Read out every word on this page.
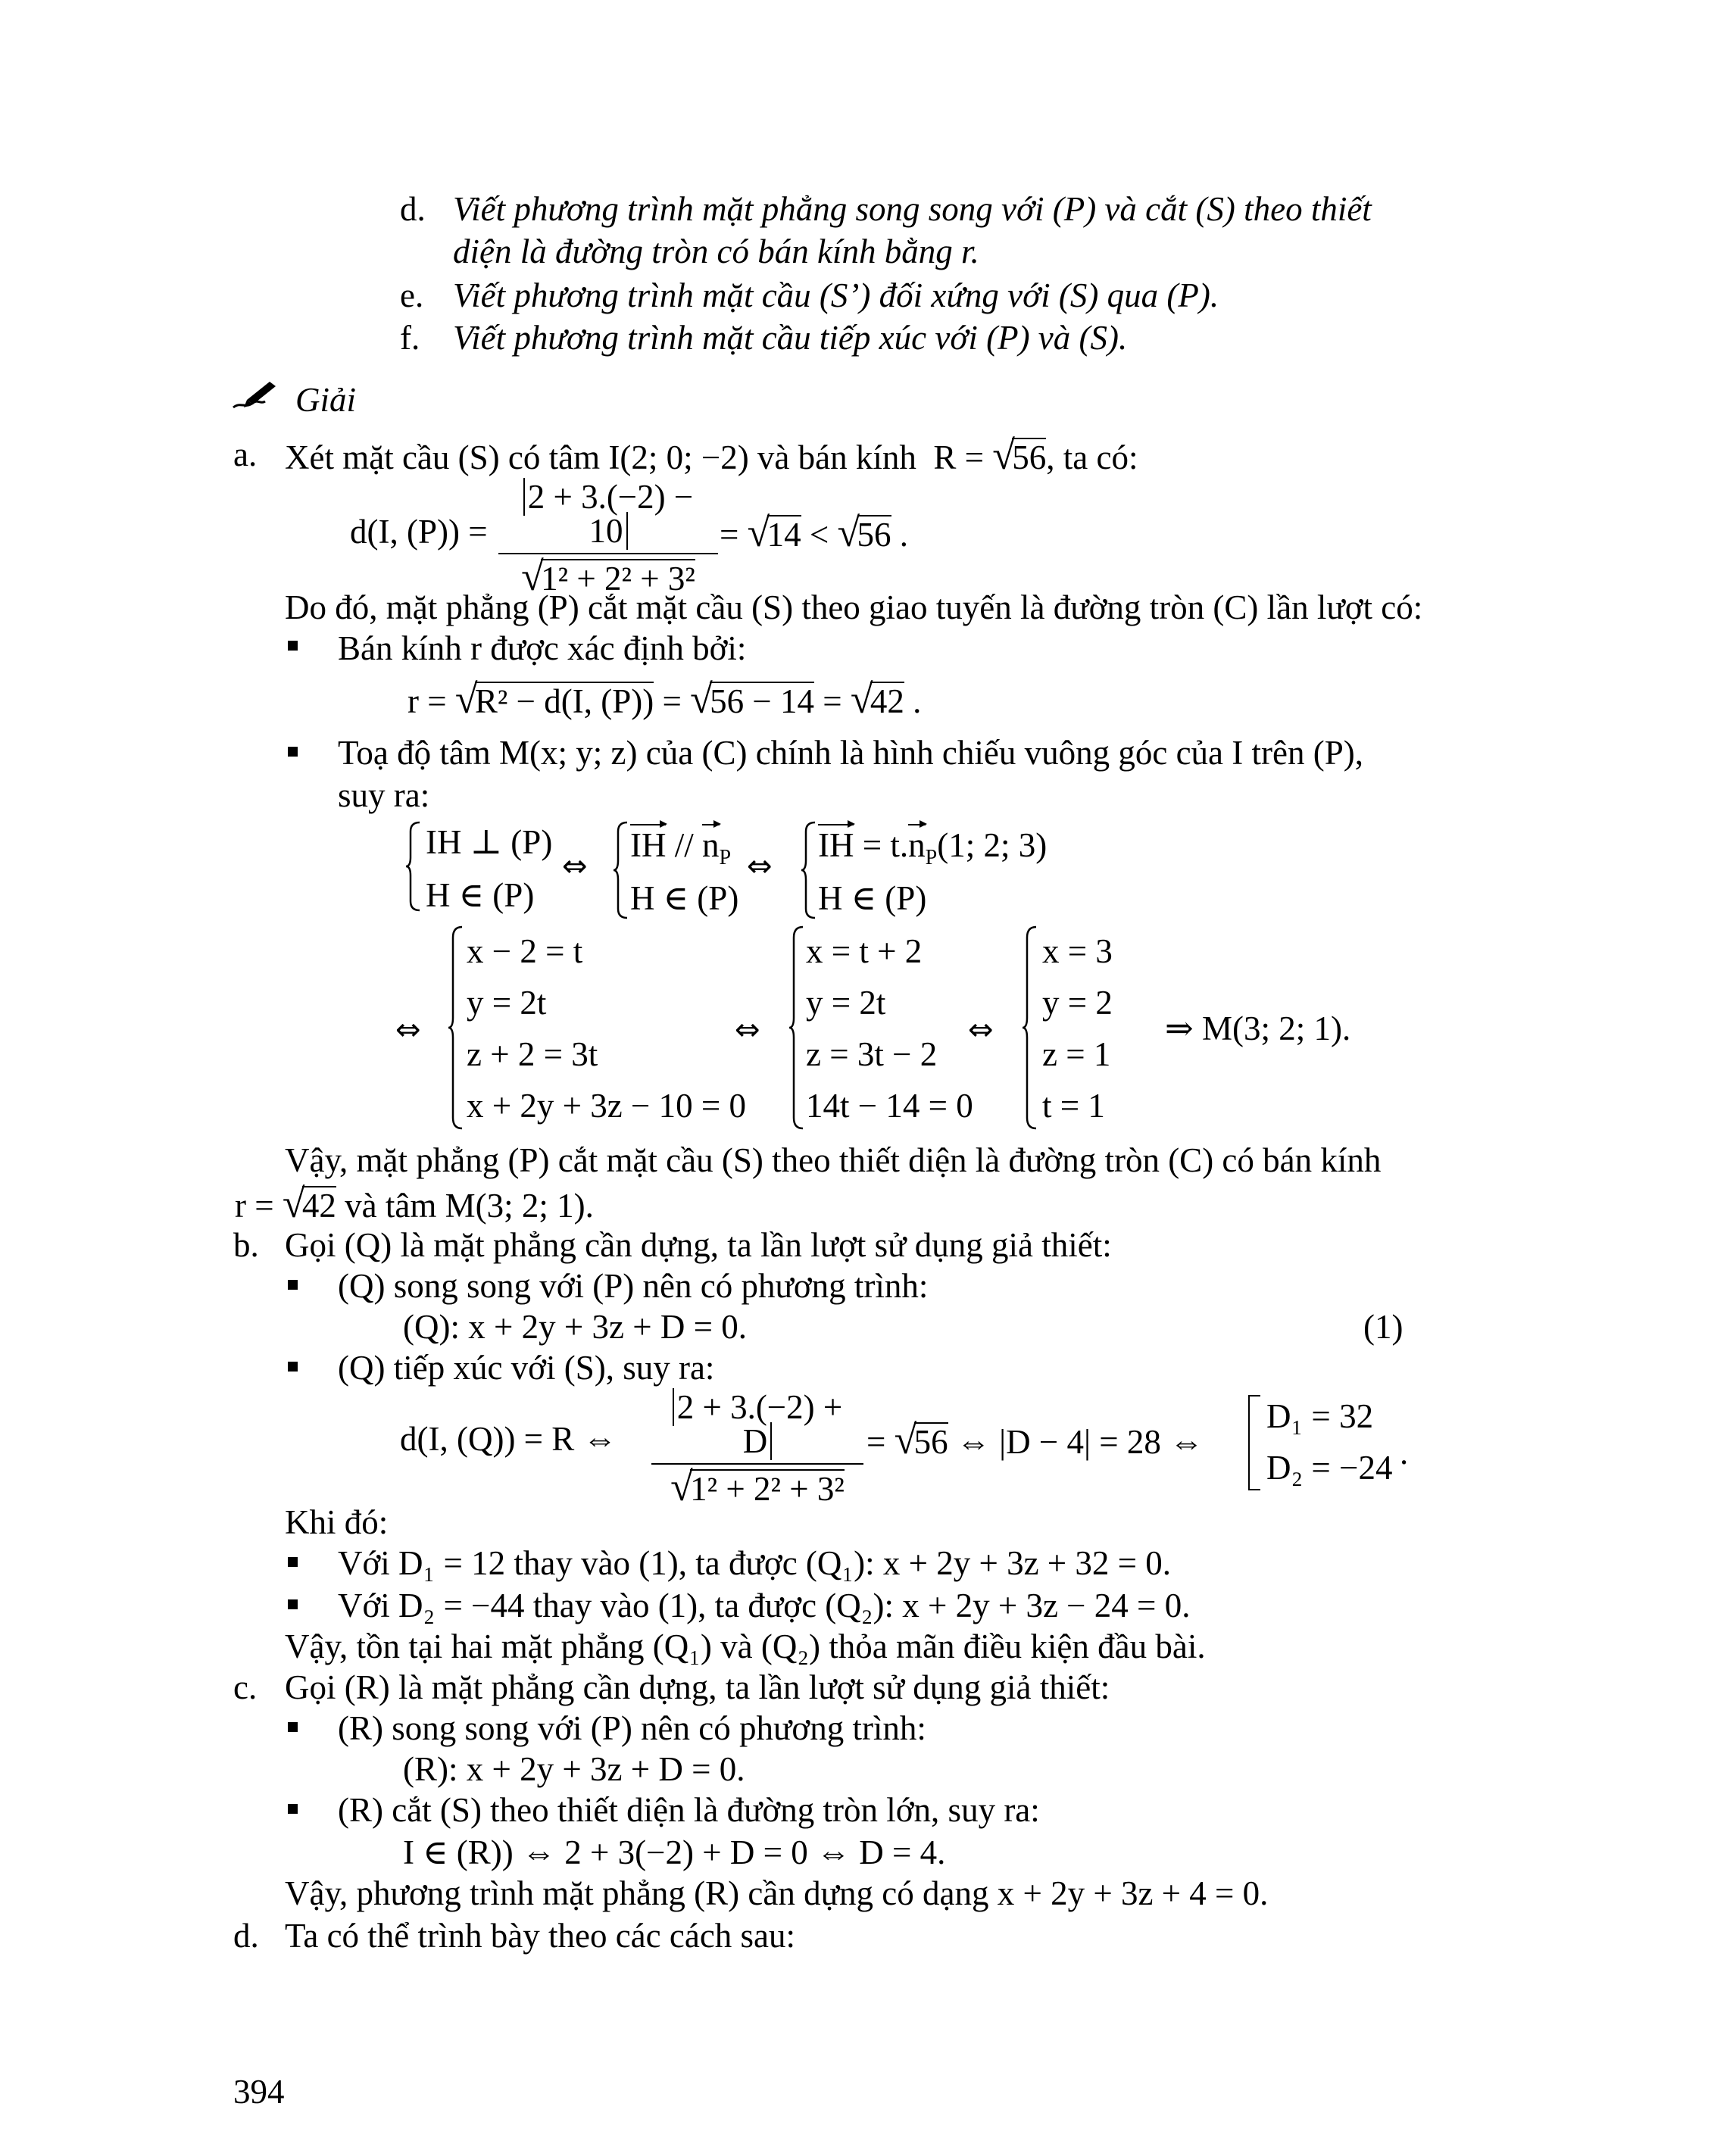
d. Viết phương trình mặt phẳng song song với (P) và cắt (S) theo thiết
diện là đường tròn có bán kính bằng r.
e. Viết phương trình mặt cầu (S’) đối xứng với (S) qua (P).
f. Viết phương trình mặt cầu tiếp xúc với (P) và (S).
Giải
a. Xét mặt cầu (S) có tâm I(2; 0; −2) và bán kính R = √
56, ta có:
d(I, (P)) = 2 + 3.(−2) − 10
√
1² + 2² + 3² = √
14 < √
56 .
Do đó, mặt phẳng (P) cắt mặt cầu (S) theo giao tuyến là đường tròn (C) lần lượt có:
Bán kính r được xác định bởi:
r = √
R² − d(I, (P)) = √
56 − 14 = √
42 .
Toạ độ tâm M(x; y; z) của (C) chính là hình chiếu vuông góc của I trên (P),
suy ra:
IH ⊥ (P)
H ∈ (P)
⇔
IH // $n_P$
H ∈ (P)
⇔
IH = $t.n_P(1$; 2; 3)
H ∈ (P)
⇔
x − 2 = t
y = 2t
z + 2 = 3t
x + 2y + 3z − 10 = 0
⇔
x = t + 2
y = 2t
z = 3t − 2
14t − 14 = 0
⇔
x = 3
y = 2
z = 1
t = 1
⇒ M(3; 2; 1).
Vậy, mặt phẳng (P) cắt mặt cầu (S) theo thiết diện là đường tròn (C) có bán kính
r = √
42 và tâm M(3; 2; 1).
b. Gọi (Q) là mặt phẳng cần dựng, ta lần lượt sử dụng giả thiết:
(Q) song song với (P) nên có phương trình:
(Q): x + 2y + 3z + D = 0.	(1)
(Q) tiếp xúc với (S), suy ra:
d(I, (Q)) = R ⇔ 2 + 3.(−2) + D
√
1² + 2² + 3² = √
56 ⇔ |D − 4| = 28 ⇔
D₁ = 32
D₂ = −24 .
Khi đó:
Với D₁ = 12 thay vào (1), ta được (Q₁): x + 2y + 3z + 32 = 0.
Với D₂ = −44 thay vào (1), ta được (Q₂): x + 2y + 3z − 24 = 0.
Vậy, tồn tại hai mặt phẳng (Q₁) và (Q₂) thỏa mãn điều kiện đầu bài.
c. Gọi (R) là mặt phẳng cần dựng, ta lần lượt sử dụng giả thiết:
(R) song song với (P) nên có phương trình:
(R): x + 2y + 3z + D = 0.
(R) cắt (S) theo thiết diện là đường tròn lớn, suy ra:
I ∈ (R)) ⇔ 2 + 3(−2) + D = 0 ⇔ D = 4.
Vậy, phương trình mặt phẳng (R) cần dựng có dạng x + 2y + 3z + 4 = 0.
d. Ta có thể trình bày theo các cách sau:
394
